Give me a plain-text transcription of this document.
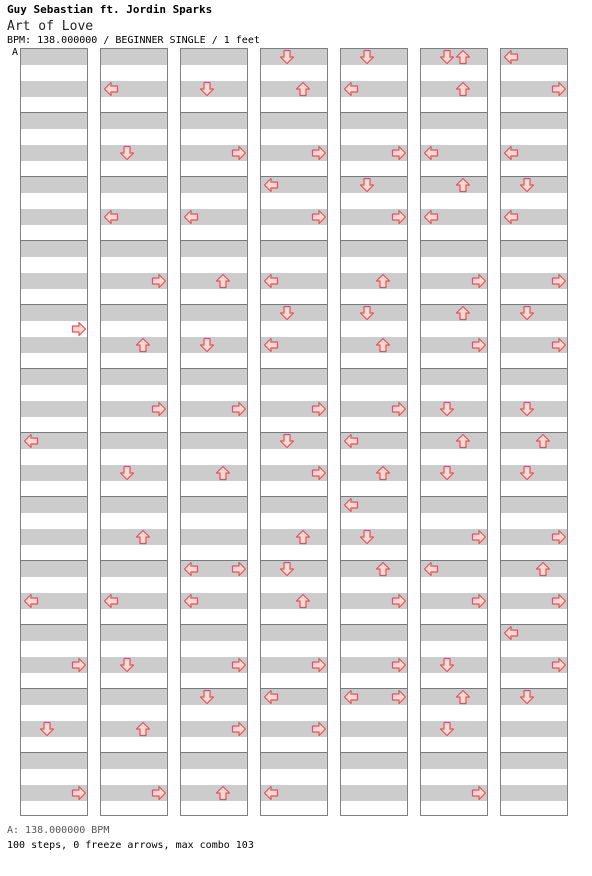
Guy Sebastian ft. Jordin Sparks
Art of Love
BPM: 138.000000 / BEGINNER SINGLE / 1 feet
A
A: 138.000000 BPM
100 steps, 0 freeze arrows, max combo 103
